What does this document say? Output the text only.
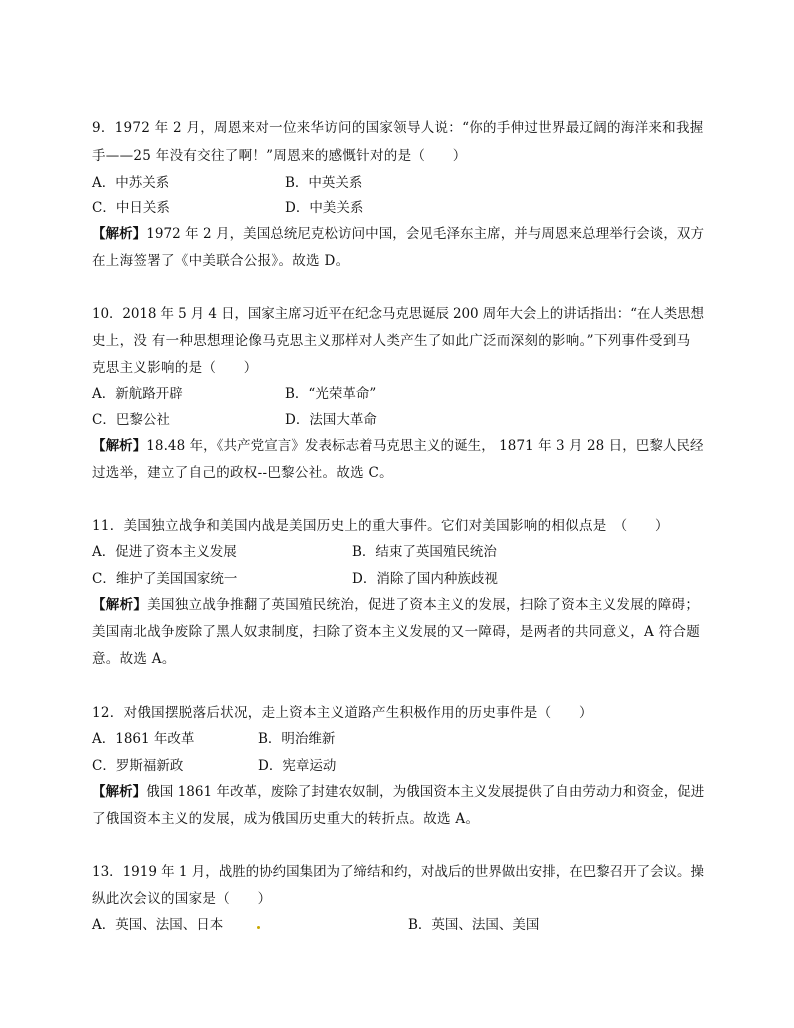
9．1972 年 2 月，周恩来对一位来华访问的国家领导人说：“你的手伸过世界最辽阔的海洋来和我握
手——25 年没有交往了啊！”周恩来的感慨针对的是（　　）
A．中苏关系	B．中英关系
C．中日关系	D．中美关系
【解析】1972 年 2 月，美国总统尼克松访问中国，会见毛泽东主席，并与周恩来总理举行会谈，双方
在上海签署了《中美联合公报》。故选 D。
10．2018 年 5 月 4 日，国家主席习近平在纪念马克思诞辰 200 周年大会上的讲话指出：“在人类思想
史上，没 有一种思想理论像马克思主义那样对人类产生了如此广泛而深刻的影响。”下列事件受到马
克思主义影响的是（　　）
A．新航路开辟	B．“光荣革命”
C．巴黎公社	D．法国大革命
【解析】18.48 年，《共产党宣言》发表标志着马克思主义的诞生， 1871 年 3 月 28 日，巴黎人民经
过选举，建立了自己的政权--巴黎公社。故选 C。
11．美国独立战争和美国内战是美国历史上的重大事件。它们对美国影响的相似点是　（　　）
A．促进了资本主义发展	B．结束了英国殖民统治
C．维护了美国国家统一	D．消除了国内种族歧视
【解析】美国独立战争推翻了英国殖民统治，促进了资本主义的发展，扫除了资本主义发展的障碍；
美国南北战争废除了黑人奴隶制度，扫除了资本主义发展的又一障碍，是两者的共同意义，A 符合题
意。故选 A。
12．对俄国摆脱落后状况，走上资本主义道路产生积极作用的历史事件是（　　）
A．1861 年改革	B．明治维新
C．罗斯福新政	D．宪章运动
【解析】俄国 1861 年改革，废除了封建农奴制，为俄国资本主义发展提供了自由劳动力和资金，促进
了俄国资本主义的发展，成为俄国历史重大的转折点。故选 A。
13．1919 年 1 月，战胜的协约国集团为了缔结和约，对战后的世界做出安排，在巴黎召开了会议。操
纵此次会议的国家是（　　）
A．英国、法国、日本	B．英国、法国、美国
